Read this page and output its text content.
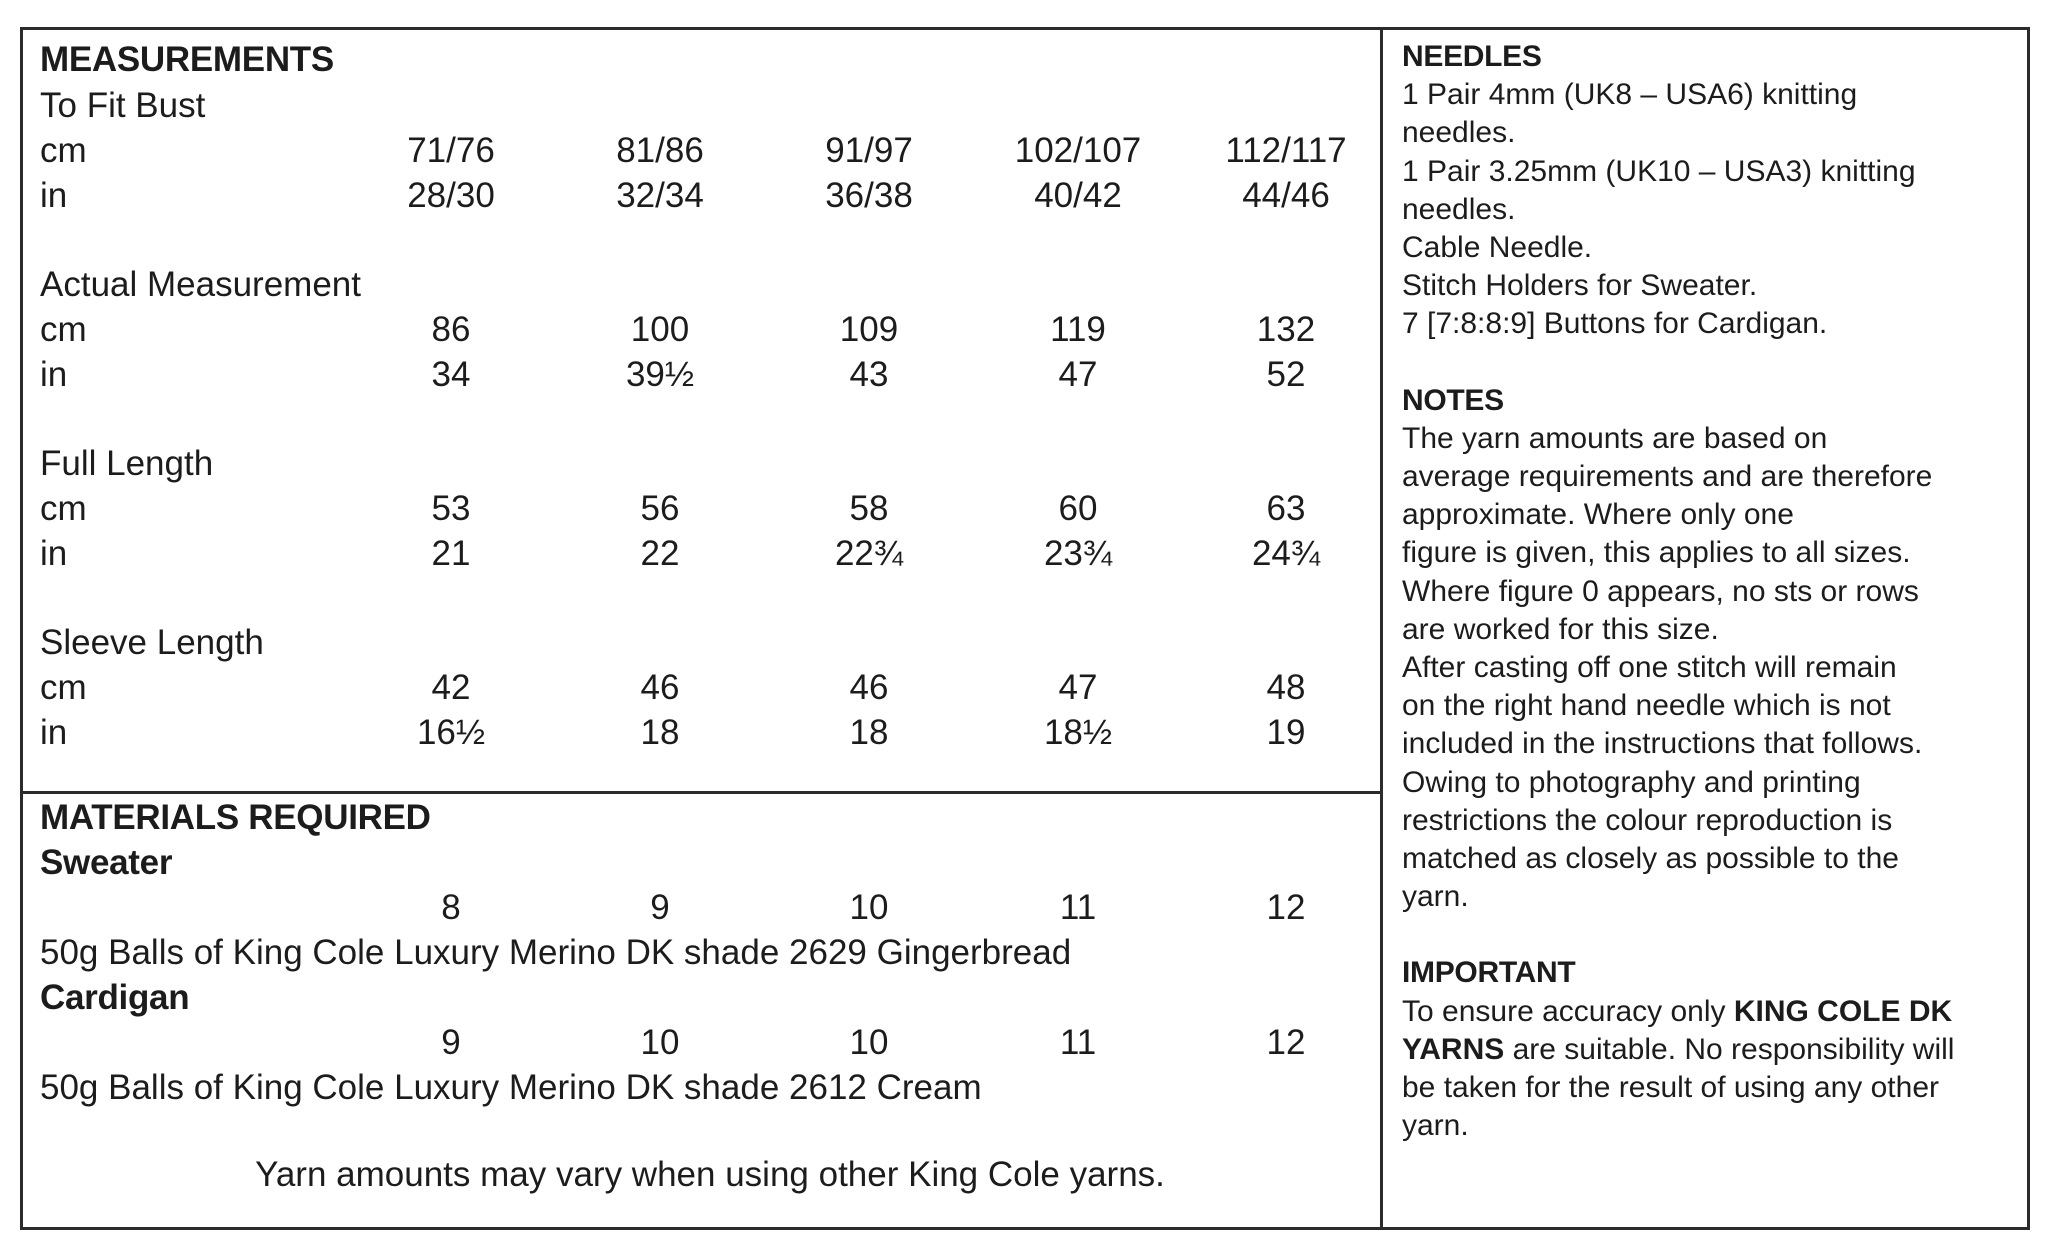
MEASUREMENTS
To Fit Bust
cm	71/76	81/86	91/97	102/107	112/117
in	28/30	32/34	36/38	40/42	44/46
Actual Measurement
cm	86	100	109	119	132
in	34	39½	43	47	52
Full Length
cm	53	56	58	60	63
in	21	22	22¾	23¾	24¾
Sleeve Length
cm	42	46	46	47	48
in	16½	18	18	18½	19
MATERIALS REQUIRED
Sweater
8	9	10	11	12
50g Balls of King Cole Luxury Merino DK shade 2629 Gingerbread
Cardigan
9	10	10	11	12
50g Balls of King Cole Luxury Merino DK shade 2612 Cream
Yarn amounts may vary when using other King Cole yarns.
NEEDLES
1 Pair 4mm (UK8 – USA6) knitting
needles.
1 Pair 3.25mm (UK10 – USA3) knitting
needles.
Cable Needle.
Stitch Holders for Sweater.
7 [7:8:8:9] Buttons for Cardigan.
NOTES
The yarn amounts are based on
average requirements and are therefore
approximate. Where only one
figure is given, this applies to all sizes.
Where figure 0 appears, no sts or rows
are worked for this size.
After casting off one stitch will remain
on the right hand needle which is not
included in the instructions that follows.
Owing to photography and printing
restrictions the colour reproduction is
matched as closely as possible to the
yarn.
IMPORTANT
To ensure accuracy only KING COLE DK
YARNS are suitable. No responsibility will
be taken for the result of using any other
yarn.
